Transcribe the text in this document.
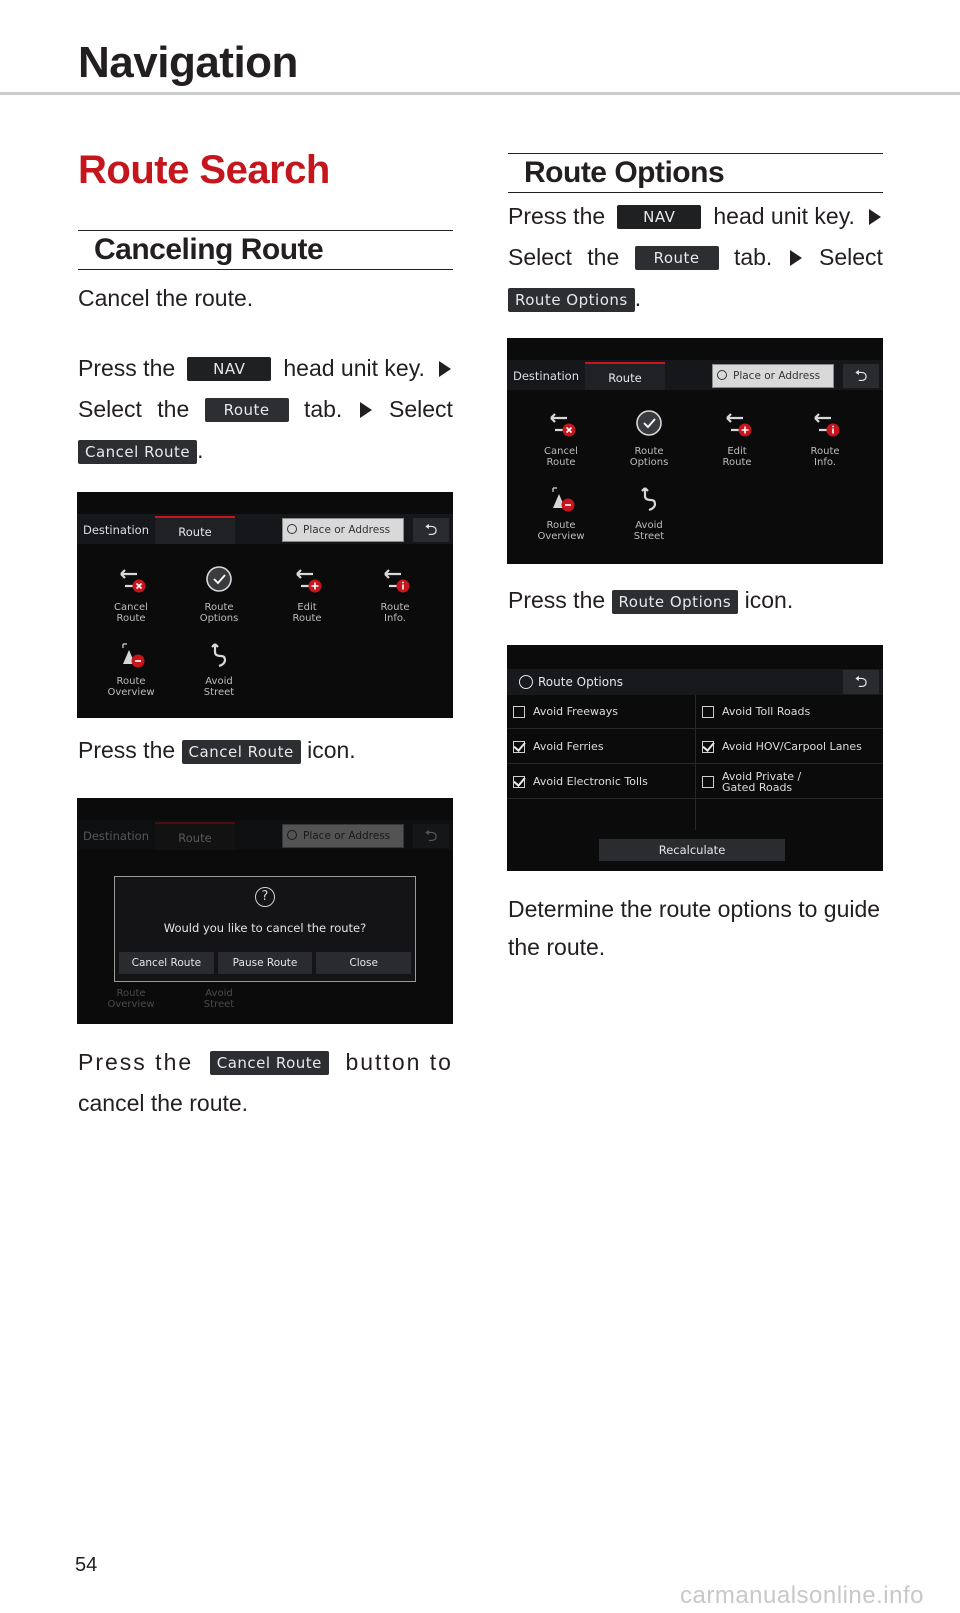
Navigation
Route Search
Canceling Route
Cancel the route.
Press the	NAV	head unit key.
Select the	Route	tab. Select
Cancel Route .
Destination	Route	Place or Address	⮌
Cancel
Route
Route
Options
Edit
Route
Route
Info.
Route
Overview
Avoid
Street
Press the Cancel Route icon.
Destination	Route	Place or Address	⮌
Route
Overview
Avoid
Street
?
Would you like to cancel the route?
Cancel Route	Pause Route	Close
Press the	Cancel Route	button to
cancel the route.
Route Options
Press the	NAV	head unit key.
Select the	Route	tab. Select
Route Options .
Destination	Route	Place or Address	⮌
Cancel
Route
Route
Options
Edit
Route
Route
Info.
Route
Overview
Avoid
Street
Press the Route Options icon.
Route Options	⮌
Avoid Freeways	Avoid Toll Roads
Avoid Ferries	Avoid HOV/Carpool Lanes
Avoid Electronic Tolls	Avoid Private /
Gated Roads
Recalculate
Determine the route options to guide
the route.
54
carmanualsonline.info
